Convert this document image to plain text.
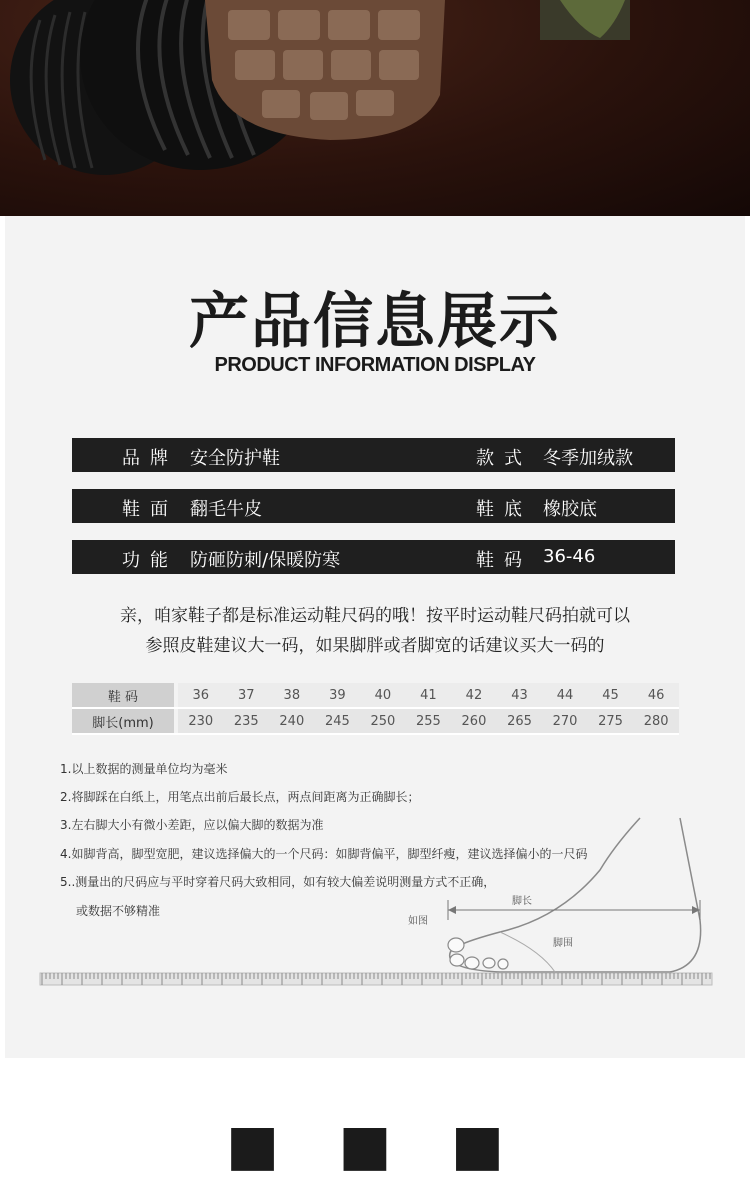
产品信息展示
PRODUCT INFORMATION DISPLAY
品牌 安全防护鞋	款式 冬季加绒款
鞋面 翻毛牛皮	鞋底 橡胶底
功能 防砸防刺/保暖防寒	鞋码 36-46
亲，咱家鞋子都是标准运动鞋尺码的哦！按平时运动鞋尺码拍就可以
参照皮鞋建议大一码，如果脚胖或者脚宽的话建议买大一码的
鞋 码		36	37	38	39	40	41	42	43	44	45	46
脚长(mm)		230	235	240	245	250	255	260	265	270	275	280
脚长
如图
脚围
1.以上数据的测量单位均为毫米
2.将脚踩在白纸上，用笔点出前后最长点，两点间距离为正确脚长；
3.左右脚大小有微小差距，应以偏大脚的数据为准
4.如脚背高，脚型宽肥，建议选择偏大的一个尺码：如脚背偏平，脚型纤瘦，建议选择偏小的一尺码
5..测量出的尺码应与平时穿着尺码大致相同，如有较大偏差说明测量方式不正确，
或数据不够精准
■ ■ ■
